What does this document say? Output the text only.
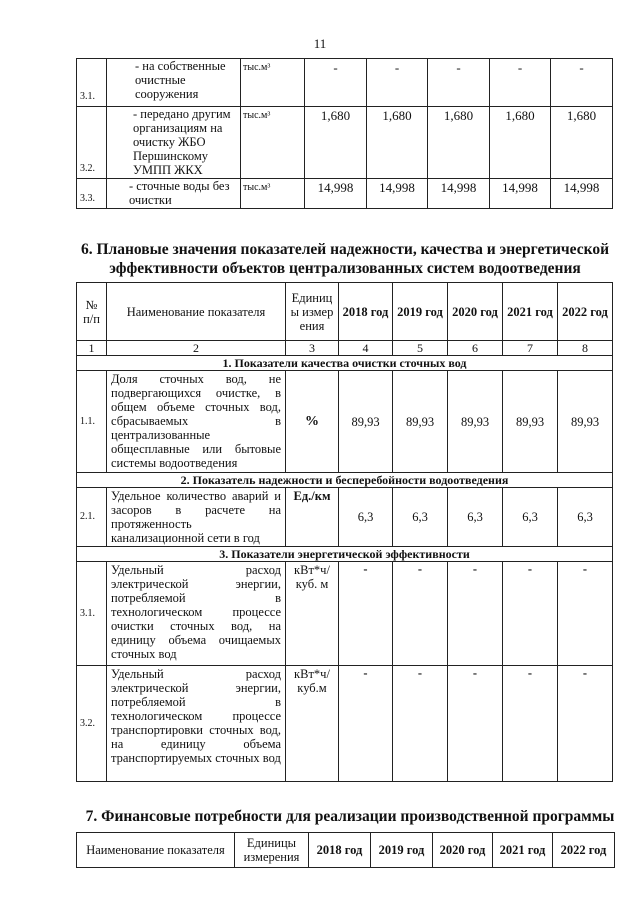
11
3.1.	- на собственные очистные сооружения	тыс.м³	-	-	-	-	-
3.2.	- передано другим организациям на очистку ЖБО Першинскому УМПП ЖКХ	тыс.м³	1,680	1,680	1,680	1,680	1,680
3.3.	- сточные воды без очистки	тыс.м³	14,998	14,998	14,998	14,998	14,998
6. Плановые значения показателей надежности, качества и энергетической эффективности объектов централизованных систем водоотведения
№ п/п	Наименование показателя	Единицы измерения	2018 год	2019 год	2020 год	2021 год	2022 год
1	2	3	4	5	6	7	8
1. Показатели качества очистки сточных вод							
1.1.	Доля сточных вод, не подвергающихся очистке, в общем объеме сточных вод, сбрасываемых в централизованные общесплавные или бытовые системы водоотведения	%	89,93	89,93	89,93	89,93	89,93
2. Показатель надежности и бесперебойности водоотведения							
2.1.	Удельное количество аварий и засоров в расчете на протяженность канализационной сети в год	Ед./км	6,3	6,3	6,3	6,3	6,3
3. Показатели энергетической эффективности							
3.1.	Удельный расход электрической энергии, потребляемой в технологическом процессе очистки сточных вод, на единицу объема очищаемых сточных вод	кВт*ч/ куб. м	-	-	-	-	-
3.2.	Удельный расход электрической энергии, потребляемой в технологическом процессе транспортировки сточных вод, на единицу объема транспортируемых сточных вод	кВт*ч/ куб.м	-	-	-	-	-
7. Финансовые потребности для реализации производственной программы
Наименование показателя	Единицы измерения	2018 год	2019 год	2020 год	2021 год	2022 год
